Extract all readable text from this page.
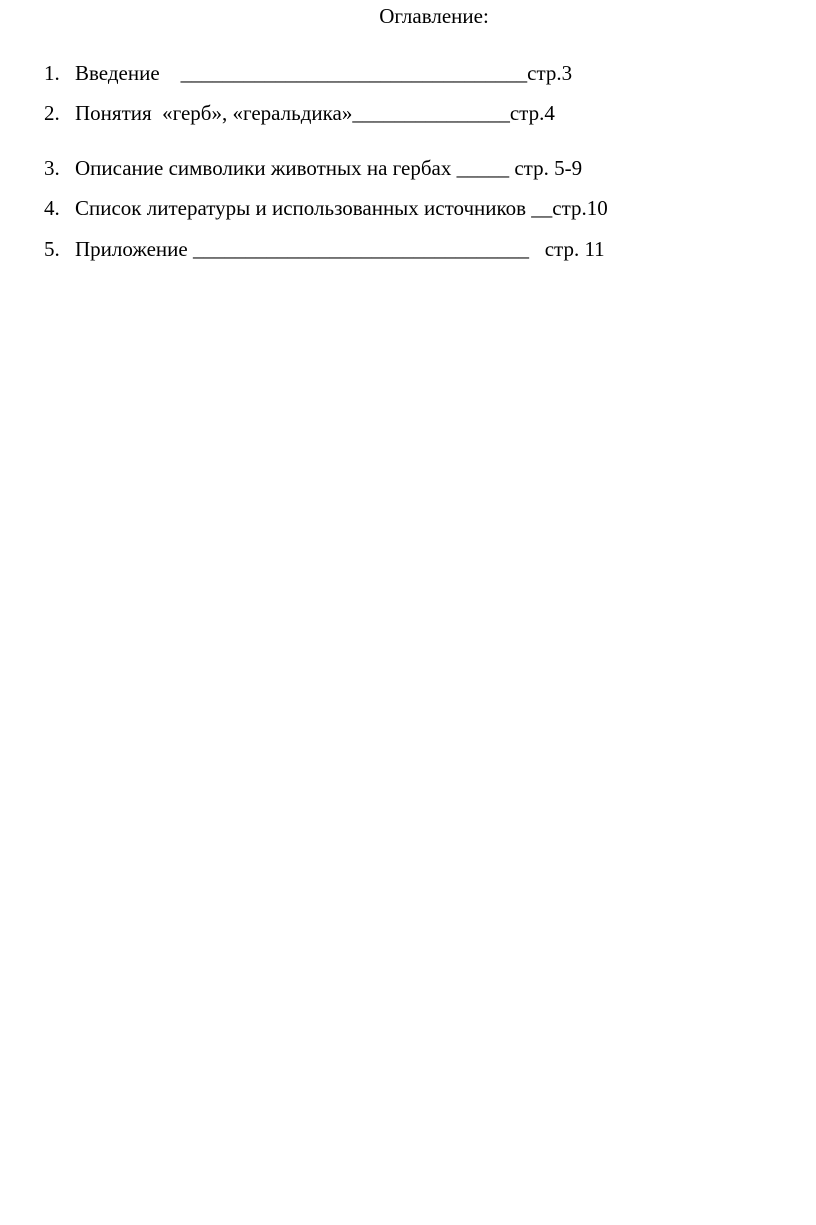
Оглавление:
1. Введение    _________________________________стр.3
2. Понятия  «герб», «геральдика»_______________стр.4
3. Описание символики животных на гербах _____ стр. 5-9
4. Список литературы и использованных источников __стр.10
5. Приложение ________________________________   стр. 11
